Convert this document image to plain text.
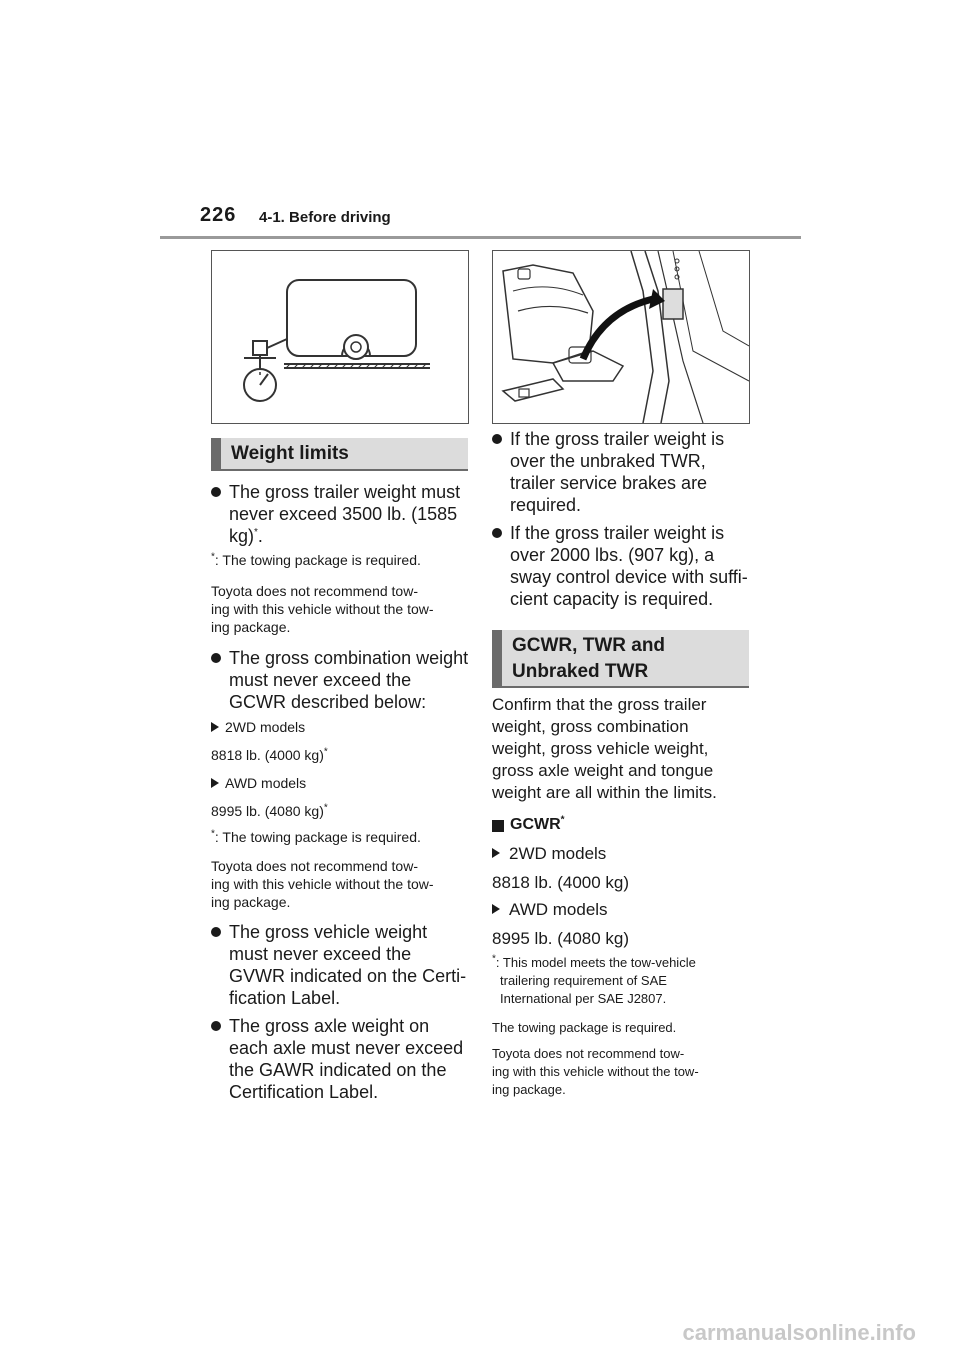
226 4-1. Before driving
Weight limits
The gross trailer weight must
never exceed 3500 lb. (1585
kg)*.
*: The towing package is required.
Toyota does not recommend tow-
ing with this vehicle without the tow-
ing package.
The gross combination weight
must never exceed the
GCWR described below:
2WD models
8818 lb. (4000 kg)*
AWD models
8995 lb. (4080 kg)*
*: The towing package is required.
Toyota does not recommend tow-
ing with this vehicle without the tow-
ing package.
The gross vehicle weight
must never exceed the
GVWR indicated on the Certi-
fication Label.
The gross axle weight on
each axle must never exceed
the GAWR indicated on the
Certification Label.
If the gross trailer weight is
over the unbraked TWR,
trailer service brakes are
required.
If the gross trailer weight is
over 2000 lbs. (907 kg), a
sway control device with suffi-
cient capacity is required.
GCWR, TWR and
Unbraked TWR
Confirm that the gross trailer
weight, gross combination
weight, gross vehicle weight,
gross axle weight and tongue
weight are all within the limits.
GCWR*
2WD models
8818 lb. (4000 kg)
AWD models
8995 lb. (4080 kg)
*: This model meets the tow-vehicle
trailering requirement of SAE
International per SAE J2807.
The towing package is required.
Toyota does not recommend tow-
ing with this vehicle without the tow-
ing package.
carmanualsonline.info
